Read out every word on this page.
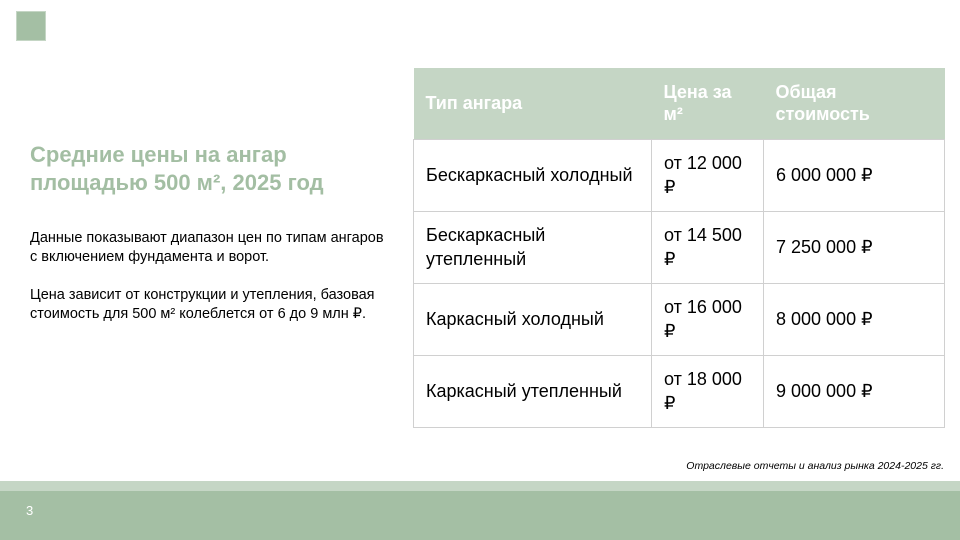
Средние цены на ангар площадью 500 м², 2025 год

Данные показывают диапазон цен по типам ангаров с включением фундамента и ворот.

Цена зависит от конструкции и утепления, базовая стоимость для 500 м² колеблется от 6 до 9 млн ₽.

Тип ангара	Цена за м²	Общая стоимость
Бескаркасный холодный	от 12 000 ₽	6 000 000 ₽
Бескаркасный утепленный	от 14 500 ₽	7 250 000 ₽
Каркасный холодный	от 16 000 ₽	8 000 000 ₽
Каркасный утепленный	от 18 000 ₽	9 000 000 ₽
Отраслевые отчеты и анализ рынка 2024-2025 гг.
3
